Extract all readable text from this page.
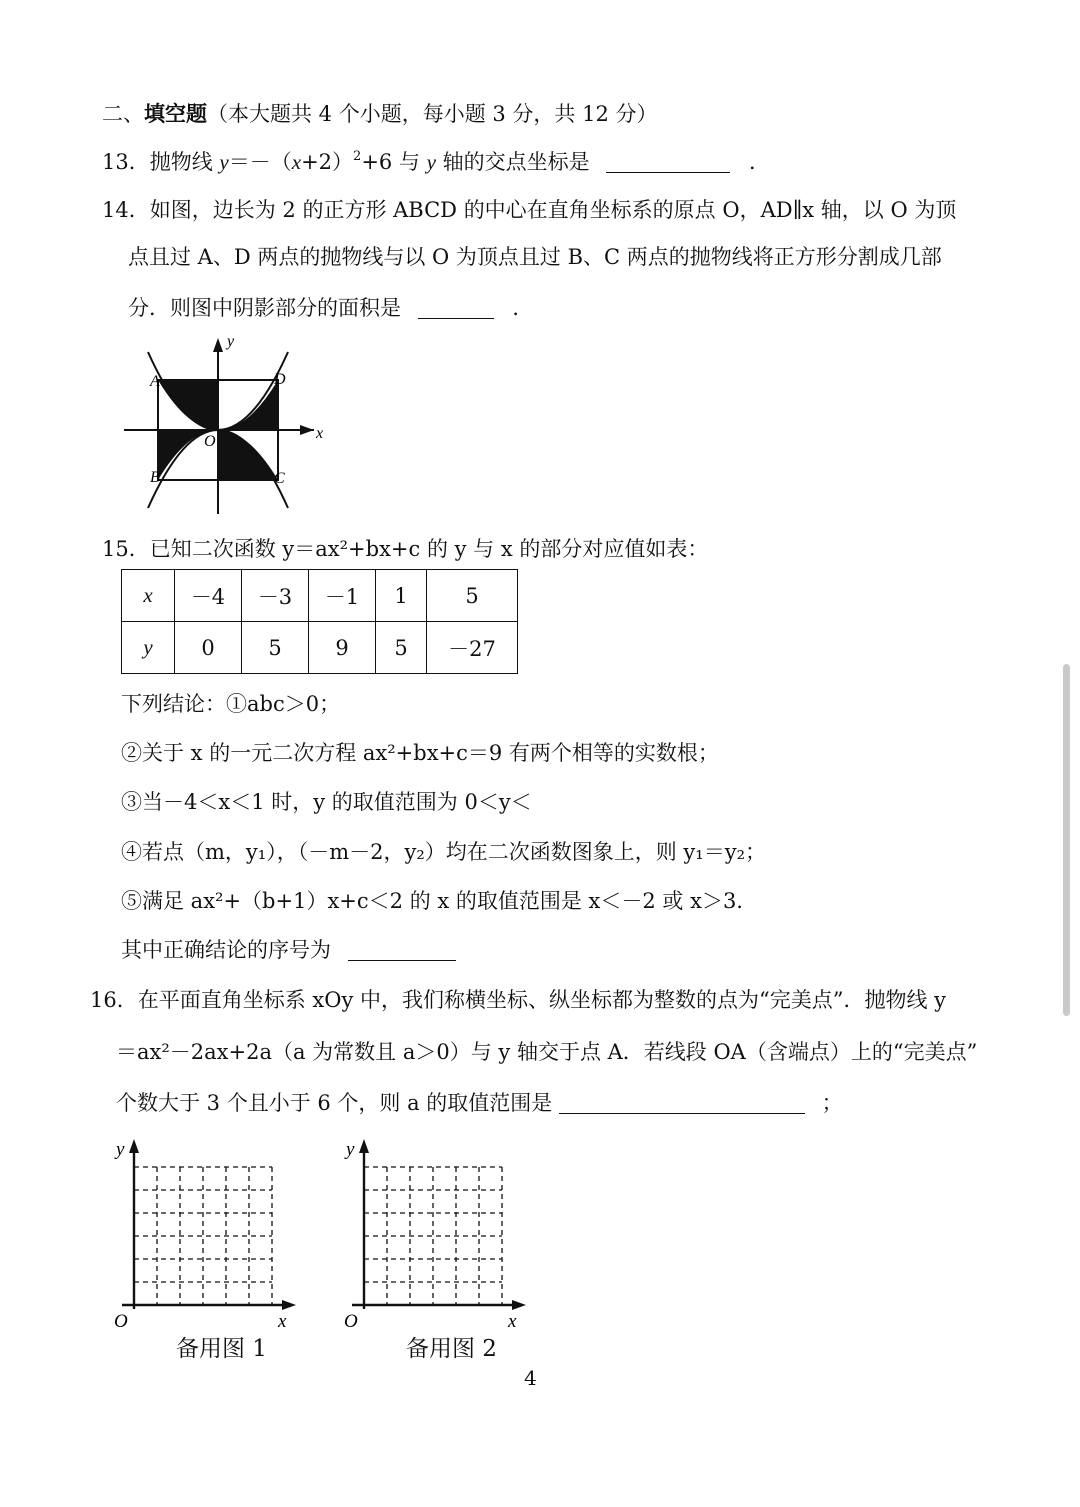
二、填空题（本大题共 4 个小题，每小题 3 分，共 12 分）
13．抛物线 $y=-(x+2)^2+6$ 与 y 轴的交点坐标是	．
14．如图，边长为 2 的正方形 ABCD 的中心在直角坐标系的原点 O，AD∥x 轴，以 O 为顶
点且过 A、D 两点的抛物线与以 O 为顶点且过 B、C 两点的抛物线将正方形分割成几部
分．则图中阴影部分的面积是	．
y
x
O
A
B	C
D
15．已知二次函数 y＝ax²+bx+c 的 y 与 x 的部分对应值如表：
x	－4	－3	－1	1	5
y	0	5	9	5	－27
下列结论：①abc＞0；
②关于 x 的一元二次方程 ax²+bx+c＝9 有两个相等的实数根；
③当－4＜x＜1 时，y 的取值范围为 0＜y＜
④若点（m，y₁），（－m－2，y₂）均在二次函数图象上，则 y₁＝y₂；
⑤满足 ax²+（b+1）x+c＜2 的 x 的取值范围是 x＜－2 或 x＞3．
其中正确结论的序号为
16．在平面直角坐标系 xOy 中，我们称横坐标、纵坐标都为整数的点为“完美点”．抛物线 y
＝ax²－2ax+2a（a 为常数且 a＞0）与 y 轴交于点 A．若线段 OA（含端点）上的“完美点”
个数大于 3 个且小于 6 个，则 a 的取值范围是	；
y
x
O
备用图 1
y
x
O
备用图 2
4
